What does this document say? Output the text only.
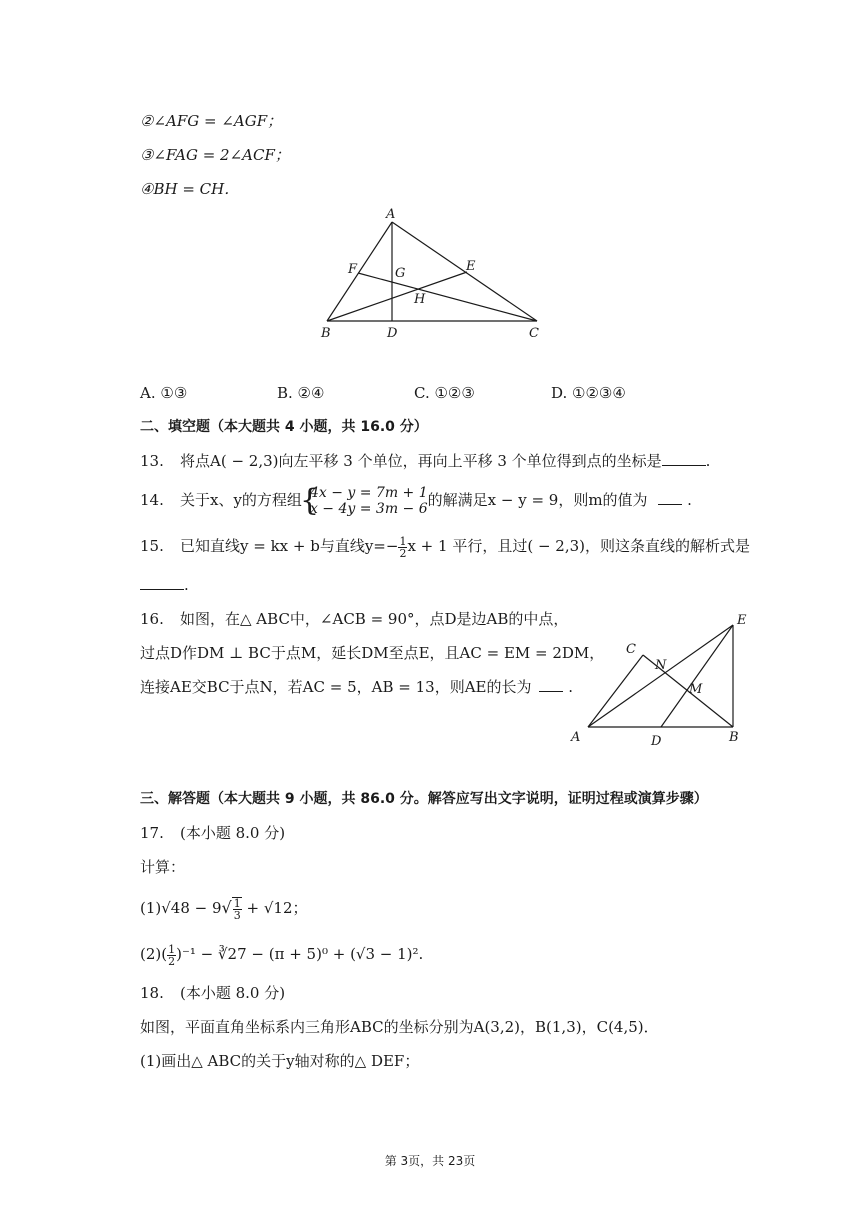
②∠AFG = ∠AGF；
③∠FAG = 2∠ACF；
④BH = CH．
A
F	G	E
H
B	D	C
A. ①③	B. ②④	C. ①②③	D. ①②③④
二、填空题（本大题共 4 小题，共 16.0 分）
13. 将点A( − 2,3)向左平移 3 个单位，再向上平移 3 个单位得到点的坐标是	.
14. 关于x、y的方程组
{ 4x − y = 7m + 1
x − 4y = 3m − 6 的解满足x − y = 9，则m的值为	.
15. 已知直线y = kx + b与直线$y=- \frac{1}{2}$ x + 1 平行，且过( − 2,3)，则这条直线的解析式是
.
16. 如图，在△ ABC中，∠ACB = 90°，点D是边AB的中点，
过点D作DM ⊥ BC于点M，延长DM至点E，且AC = EM = 2DM，
连接AE交BC于点N，若AC = 5，AB = 13，则AE的长为 .
E
C
N
M
A	D	B
三、解答题（本大题共 9 小题，共 86.0 分。解答应写出文字说明，证明过程或演算步骤）
17. (本小题 8.0 分)
计算：
$(1)√48 - 9√ \frac{1}{3} + √12$；
$(2)( \frac{1}{2} )^{-1}$ − ∛27 − (π + 5)⁰ + (√3 − 1)².
18. (本小题 8.0 分)
如图，平面直角坐标系内三角形ABC的坐标分别为A(3,2)，B(1,3)，C(4,5)．
(1)画出△ ABC的关于y轴对称的△ DEF；
第 3页，共 23页
